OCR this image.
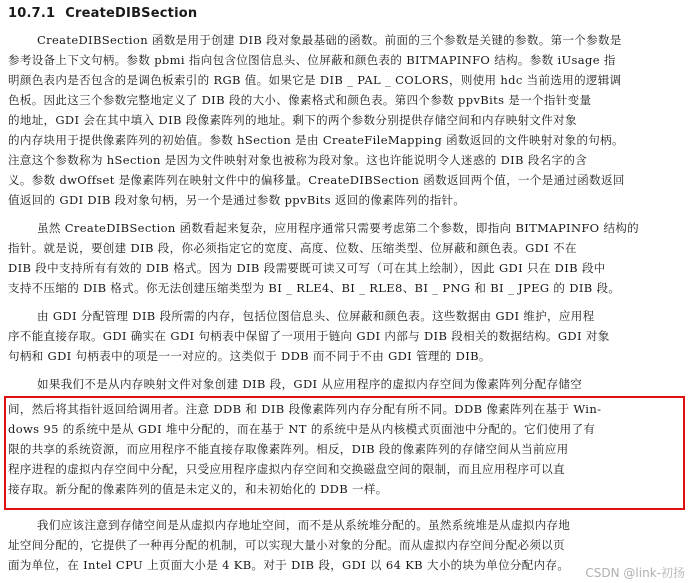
10.7.1 CreateDIBSection
CreateDIBSection 函数是用于创建 DIB 段对象最基础的函数。前面的三个参数是关键的参数。第一个参数是
参考设备上下文句柄。参数 pbmi 指向包含位图信息头、位屏蔽和颜色表的 BITMAPINFO 结构。参数 iUsage 指
明颜色表内是否包含的是调色板索引的 RGB 值。如果它是 DIB _ PAL _ COLORS，则使用 hdc 当前选用的逻辑调
色板。因此这三个参数完整地定义了 DIB 段的大小、像素格式和颜色表。第四个参数 ppvBits 是一个指针变量
的地址，GDI 会在其中填入 DIB 段像素阵列的地址。剩下的两个参数分别提供存储空间和内存映射文件对象
的内存块用于提供像素阵列的初始值。参数 hSection 是由 CreateFileMapping 函数返回的文件映射对象的句柄。
注意这个参数称为 hSection 是因为文件映射对象也被称为段对象。这也许能说明令人迷惑的 DIB 段名字的含
义。参数 dwOffset 是像素阵列在映射文件中的偏移量。CreateDIBSection 函数返回两个值，一个是通过函数返回
值返回的 GDI DIB 段对象句柄，另一个是通过参数 ppvBits 返回的像素阵列的指针。
虽然 CreateDIBSection 函数看起来复杂，应用程序通常只需要考虑第二个参数，即指向 BITMAPINFO 结构的
指针。就是说，要创建 DIB 段，你必须指定它的宽度、高度、位数、压缩类型、位屏蔽和颜色表。GDI 不在
DIB 段中支持所有有效的 DIB 格式。因为 DIB 段需要既可读又可写（可在其上绘制），因此 GDI 只在 DIB 段中
支持不压缩的 DIB 格式。你无法创建压缩类型为 BI _ RLE4、BI _ RLE8、BI _ PNG 和 BI _ JPEG 的 DIB 段。
由 GDI 分配管理 DIB 段所需的内存，包括位图信息头、位屏蔽和颜色表。这些数据由 GDI 维护，应用程
序不能直接存取。GDI 确实在 GDI 句柄表中保留了一项用于链向 GDI 内部与 DIB 段相关的数据结构。GDI 对象
句柄和 GDI 句柄表中的项是一一对应的。这类似于 DDB 而不同于不由 GDI 管理的 DIB。
如果我们不是从内存映射文件对象创建 DIB 段，GDI 从应用程序的虚拟内存空间为像素阵列分配存储空
间，然后将其指针返回给调用者。注意 DDB 和 DIB 段像素阵列内存分配有所不同。DDB 像素阵列在基于 Win-
dows 95 的系统中是从 GDI 堆中分配的，而在基于 NT 的系统中是从内核模式页面池中分配的。它们使用了有
限的共享的系统资源，而应用程序不能直接存取像素阵列。相反，DIB 段的像素阵列的存储空间从当前应用
程序进程的虚拟内存空间中分配，只受应用程序虚拟内存空间和交换磁盘空间的限制，而且应用程序可以直
接存取。新分配的像素阵列的值是未定义的，和未初始化的 DDB 一样。
我们应该注意到存储空间是从虚拟内存地址空间，而不是从系统堆分配的。虽然系统堆是从虚拟内存地
址空间分配的，它提供了一种再分配的机制，可以实现大量小对象的分配。而从虚拟内存空间分配必须以页
面为单位，在 Intel CPU 上页面大小是 4 KB。对于 DIB 段，GDI 以 64 KB 大小的块为单位分配内存。
CSDN @link-初扬
